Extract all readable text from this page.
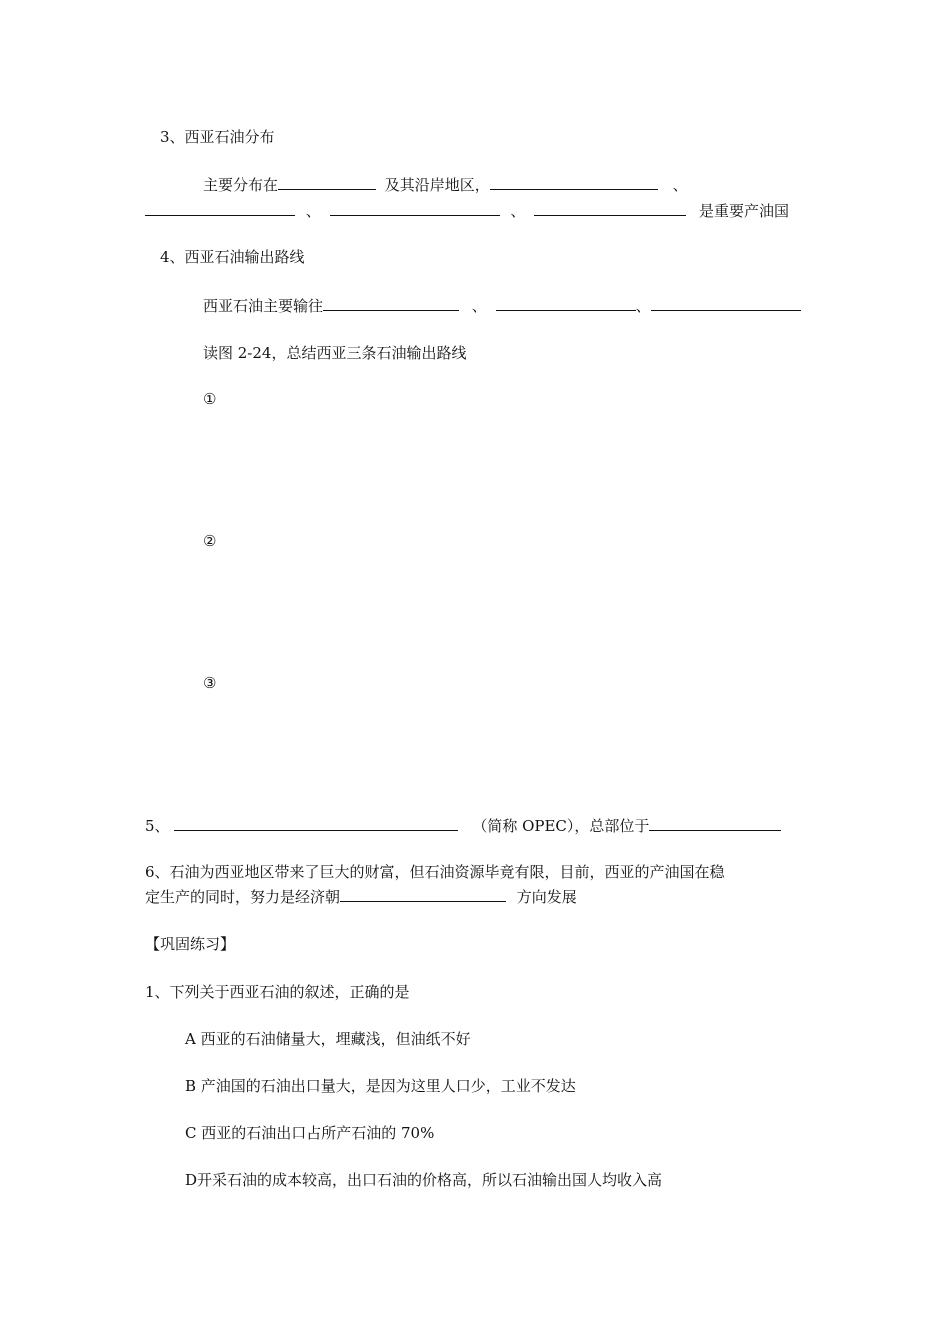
3、西亚石油分布
主要分布在	及其沿岸地区，	、
、	、	是重要产油国
4、西亚石油输出路线
西亚石油主要输往	、	、
读图 2-24，总结西亚三条石油输出路线
①
②
③
5、	（简称 OPEC），总部位于
6、石油为西亚地区带来了巨大的财富，但石油资源毕竟有限，目前，西亚的产油国在稳
定生产的同时，努力是经济朝	方向发展
【巩固练习】
1、下列关于西亚石油的叙述，正确的是
A 西亚的石油储量大，埋藏浅，但油纸不好
B 产油国的石油出口量大，是因为这里人口少，工业不发达
C 西亚的石油出口占所产石油的 70%
D开采石油的成本较高，出口石油的价格高，所以石油输出国人均收入高
